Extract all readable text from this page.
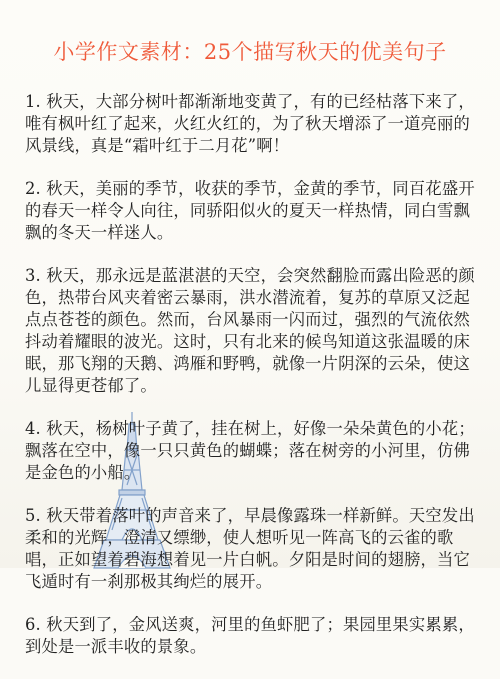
小学作文素材：25个描写秋天的优美句子

1. 秋天，大部分树叶都渐渐地变黄了，有的已经枯落下来了，唯有枫叶红了起来，火红火红的，为了秋天增添了一道亮丽的风景线，真是“霜叶红于二月花”啊！

2. 秋天，美丽的季节，收获的季节，金黄的季节，同百花盛开的春天一样令人向往，同骄阳似火的夏天一样热情，同白雪飘飘的冬天一样迷人。

3. 秋天，那永远是蓝湛湛的天空，会突然翻脸而露出险恶的颜色，热带台风夹着密云暴雨，洪水潜流着，复苏的草原又泛起点点苍苍的颜色。然而，台风暴雨一闪而过，强烈的气流依然抖动着耀眼的波光。这时，只有北来的候鸟知道这张温暖的床眠，那飞翔的天鹅、鸿雁和野鸭，就像一片阴深的云朵，使这儿显得更苍郁了。

4. 秋天，杨树叶子黄了，挂在树上，好像一朵朵黄色的小花；飘落在空中，像一只只黄色的蝴蝶；落在树旁的小河里，仿佛是金色的小船。

5. 秋天带着落叶的声音来了，早晨像露珠一样新鲜。天空发出柔和的光辉，澄清又缥缈，使人想听见一阵高飞的云雀的歌唱，正如望着碧海想着见一片白帆。夕阳是时间的翅膀，当它飞遁时有一刹那极其绚烂的展开。

6. 秋天到了，金风送爽，河里的鱼虾肥了；果园里果实累累，到处是一派丰收的景象。
